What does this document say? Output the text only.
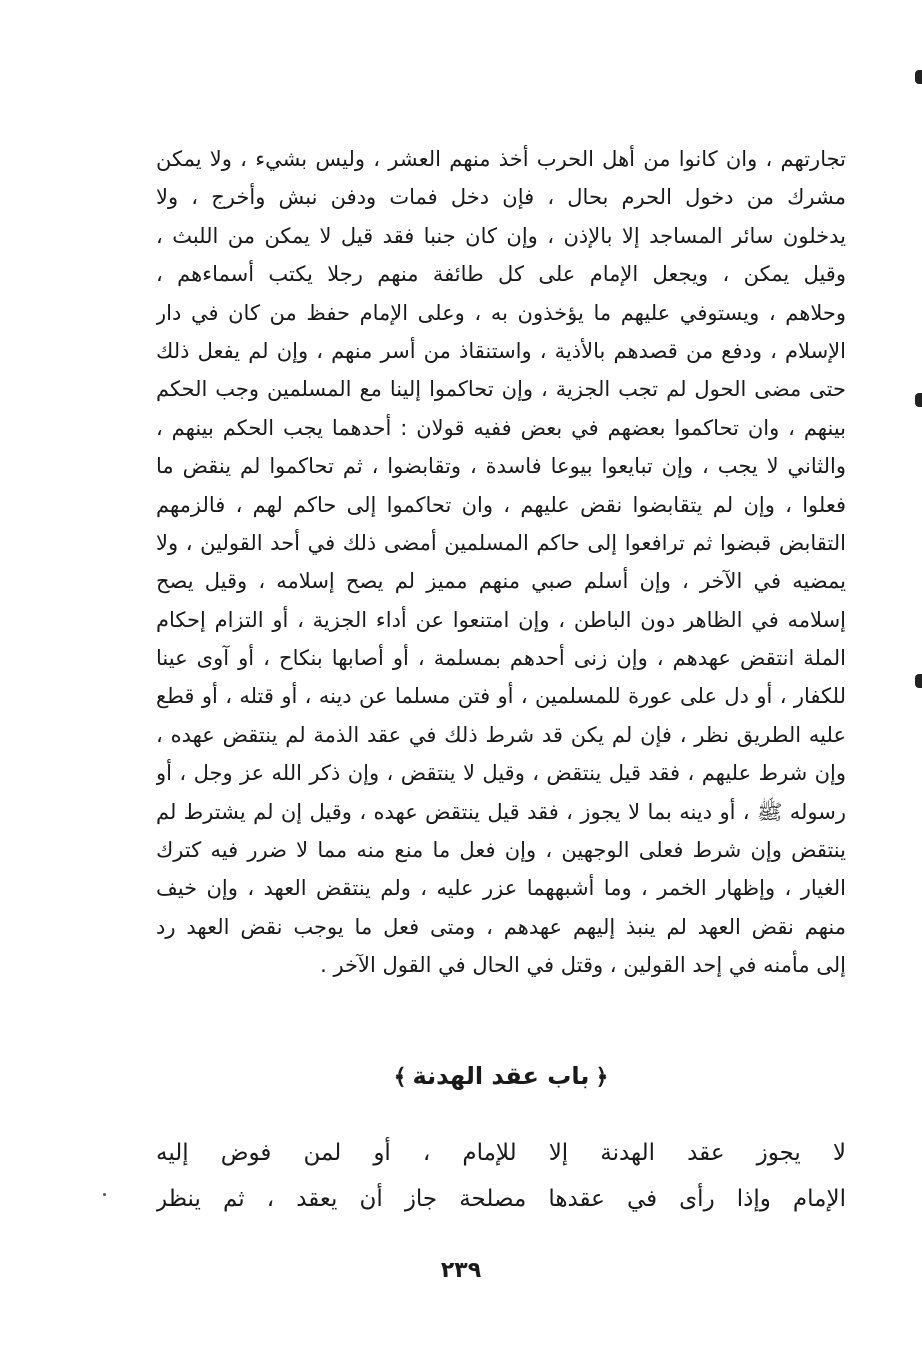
تجارتهم ، وان كانوا من أهل الحرب أخذ منهم العشر ، وليس بشيء ، ولا يمكن
مشرك من دخول الحرم بحال ، فإن دخل فمات ودفن نبش وأخرج ، ولا
يدخلون سائر المساجد إلا بالإذن ، وإن كان جنبا فقد قيل لا يمكن من اللبث ،
وقيل يمكن ، ويجعل الإمام على كل طائفة منهم رجلا يكتب أسماءهم ،
وحلاهم ، ويستوفي عليهم ما يؤخذون به ، وعلى الإمام حفظ من كان في دار
الإسلام ، ودفع من قصدهم بالأذية ، واستنقاذ من أسر منهم ، وإن لم يفعل ذلك
حتى مضى الحول لم تجب الجزية ، وإن تحاكموا إلينا مع المسلمين وجب الحكم
بينهم ، وان تحاكموا بعضهم في بعض ففيه قولان : أحدهما يجب الحكم بينهم ،
والثاني لا يجب ، وإن تبايعوا بيوعا فاسدة ، وتقابضوا ، ثم تحاكموا لم ينقض ما
فعلوا ، وإن لم يتقابضوا نقض عليهم ، وان تحاكموا إلى حاكم لهم ، فالزمهم
التقابض قبضوا ثم ترافعوا إلى حاكم المسلمين أمضى ذلك في أحد القولين ، ولا
يمضيه في الآخر ، وإن أسلم صبي منهم مميز لم يصح إسلامه ، وقيل يصح
إسلامه في الظاهر دون الباطن ، وإن امتنعوا عن أداء الجزية ، أو التزام إحكام
الملة انتقض عهدهم ، وإن زنى أحدهم بمسلمة ، أو أصابها بنكاح ، أو آوى عينا
للكفار ، أو دل على عورة للمسلمين ، أو فتن مسلما عن دينه ، أو قتله ، أو قطع
عليه الطريق نظر ، فإن لم يكن قد شرط ذلك في عقد الذمة لم ينتقض عهده ،
وإن شرط عليهم ، فقد قيل ينتقض ، وقيل لا ينتقض ، وإن ذكر الله عز وجل ، أو
رسوله ﷺ ، أو دينه بما لا يجوز ، فقد قيل ينتقض عهده ، وقيل إن لم يشترط لم
ينتقض وإن شرط فعلى الوجهين ، وإن فعل ما منع منه مما لا ضرر فيه كترك
الغيار ، وإظهار الخمر ، وما أشبههما عزر عليه ، ولم ينتقض العهد ، وإن خيف
منهم نقض العهد لم ينبذ إليهم عهدهم ، ومتى فعل ما يوجب نقض العهد رد
إلى مأمنه في إحد القولين ، وقتل في الحال في القول الآخر .
﴿باب عقد الهدنة﴾
لا يجوز عقد الهدنة إلا للإمام ، أو لمن فوض إليه
الإمام وإذا رأى في عقدها مصلحة جاز أن يعقد ، ثم ينظر
٢٣٩
